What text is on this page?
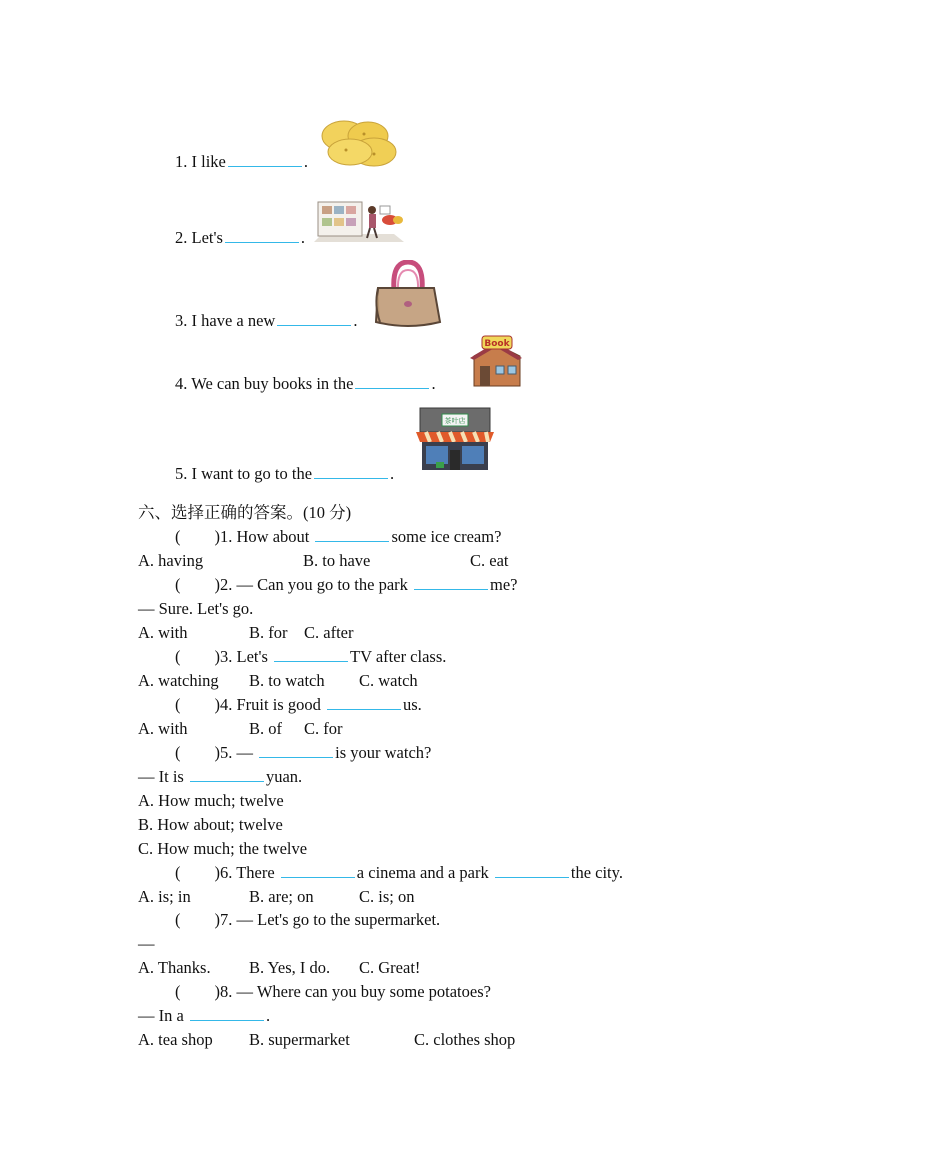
1. I like	.
2. Let's	.
3. I have a new	.
4. We can buy books in the	.
Book
5. I want to go to the	.
茶叶店
六、选择正确的答案。(10 分)
( )1. How about	some ice cream?
A. having	B. to have	C. eat
( )2. — Can you go to the park	me?
— Sure. Let's go.
A. with	B. for C. after
( )3. Let's	TV after class.
A. watching B. to watch C. watch
( )4. Fruit is good	us.
A. with	B. of C. for
( )5. —	is your watch?
— It is	yuan.
A. How much; twelve
B. How about; twelve
C. How much; the twelve
( )6. There	a cinema and a park	the city.
A. is; in	B. are; on	C. is; on
( )7. — Let's go to the supermarket.
—
A. Thanks. B. Yes, I do. C. Great!
( )8. — Where can you buy some potatoes?
— In a	.
A. tea shop B. supermarket	C. clothes shop
